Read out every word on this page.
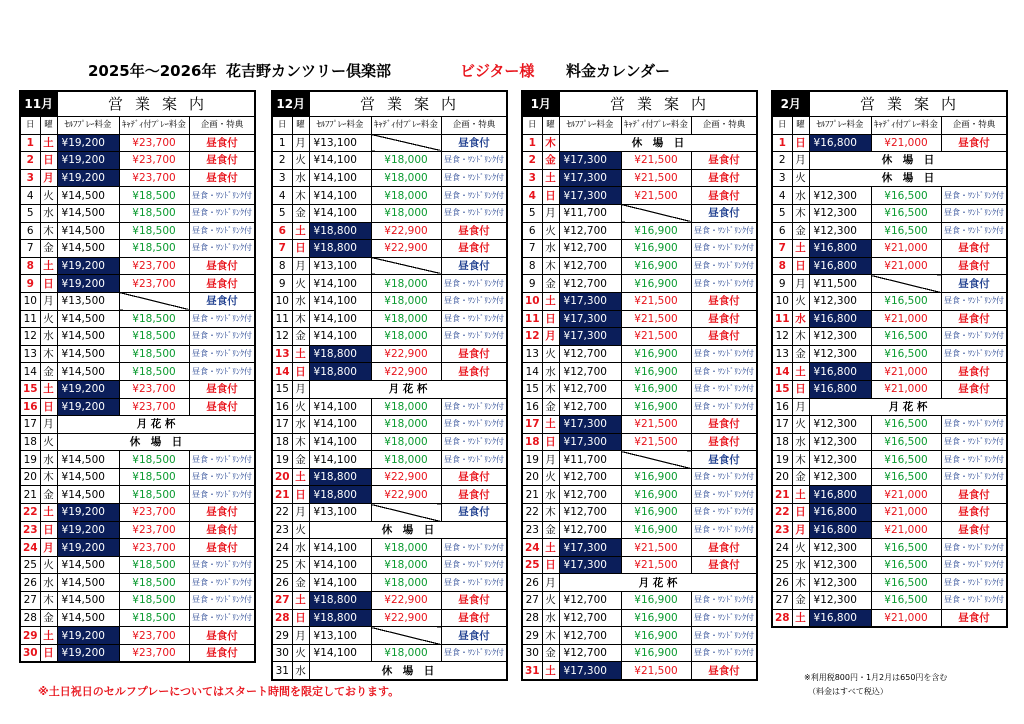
2025年～2026年 花吉野カンツリー倶楽部	ビジター様 料金カレンダー
11月		営業案内			
日	曜	ｾﾙﾌﾌﾟﾚｰ料金	ｷｬﾃﾞｨ付ﾌﾟﾚｰ料金	企画・特典	
1	土	¥19,200	¥23,700	昼食付	
2	日	¥19,200	¥23,700	昼食付	
3	月	¥19,200	¥23,700	昼食付	
4	火	¥14,500	¥18,500	昼食・ﾜﾝﾄﾞﾘﾝｸ付	
5	水	¥14,500	¥18,500	昼食・ﾜﾝﾄﾞﾘﾝｸ付	
6	木	¥14,500	¥18,500	昼食・ﾜﾝﾄﾞﾘﾝｸ付	
7	金	¥14,500	¥18,500	昼食・ﾜﾝﾄﾞﾘﾝｸ付	
8	土	¥19,200	¥23,700	昼食付	
9	日	¥19,200	¥23,700	昼食付	
10	月	¥13,500		昼食付	
11	火	¥14,500	¥18,500	昼食・ﾜﾝﾄﾞﾘﾝｸ付	
12	水	¥14,500	¥18,500	昼食・ﾜﾝﾄﾞﾘﾝｸ付	
13	木	¥14,500	¥18,500	昼食・ﾜﾝﾄﾞﾘﾝｸ付	
14	金	¥14,500	¥18,500	昼食・ﾜﾝﾄﾞﾘﾝｸ付	
15	土	¥19,200	¥23,700	昼食付	
16	日	¥19,200	¥23,700	昼食付	
17	月	月 花 杯	
18	火	休　場　日			
19	水	¥14,500	¥18,500	昼食・ﾜﾝﾄﾞﾘﾝｸ付	
20	木	¥14,500	¥18,500	昼食・ﾜﾝﾄﾞﾘﾝｸ付	
21	金	¥14,500	¥18,500	昼食・ﾜﾝﾄﾞﾘﾝｸ付	
22	土	¥19,200	¥23,700	昼食付	
23	日	¥19,200	¥23,700	昼食付	
24	月	¥19,200	¥23,700	昼食付	
25	火	¥14,500	¥18,500	昼食・ﾜﾝﾄﾞﾘﾝｸ付	
26	水	¥14,500	¥18,500	昼食・ﾜﾝﾄﾞﾘﾝｸ付	
27	木	¥14,500	¥18,500	昼食・ﾜﾝﾄﾞﾘﾝｸ付	
28	金	¥14,500	¥18,500	昼食・ﾜﾝﾄﾞﾘﾝｸ付	
29	土	¥19,200	¥23,700	昼食付	
30	日	¥19,200	¥23,700	昼食付	
12月		営業案内			
日	曜	ｾﾙﾌﾌﾟﾚｰ料金	ｷｬﾃﾞｨ付ﾌﾟﾚｰ料金	企画・特典	
1	月	¥13,100		昼食付	
2	火	¥14,100	¥18,000	昼食・ﾜﾝﾄﾞﾘﾝｸ付	
3	水	¥14,100	¥18,000	昼食・ﾜﾝﾄﾞﾘﾝｸ付	
4	木	¥14,100	¥18,000	昼食・ﾜﾝﾄﾞﾘﾝｸ付	
5	金	¥14,100	¥18,000	昼食・ﾜﾝﾄﾞﾘﾝｸ付	
6	土	¥18,800	¥22,900	昼食付	
7	日	¥18,800	¥22,900	昼食付	
8	月	¥13,100		昼食付	
9	火	¥14,100	¥18,000	昼食・ﾜﾝﾄﾞﾘﾝｸ付	
10	水	¥14,100	¥18,000	昼食・ﾜﾝﾄﾞﾘﾝｸ付	
11	木	¥14,100	¥18,000	昼食・ﾜﾝﾄﾞﾘﾝｸ付	
12	金	¥14,100	¥18,000	昼食・ﾜﾝﾄﾞﾘﾝｸ付	
13	土	¥18,800	¥22,900	昼食付	
14	日	¥18,800	¥22,900	昼食付	
15	月	月 花 杯	
16	火	¥14,100	¥18,000	昼食・ﾜﾝﾄﾞﾘﾝｸ付	
17	水	¥14,100	¥18,000	昼食・ﾜﾝﾄﾞﾘﾝｸ付	
18	木	¥14,100	¥18,000	昼食・ﾜﾝﾄﾞﾘﾝｸ付	
19	金	¥14,100	¥18,000	昼食・ﾜﾝﾄﾞﾘﾝｸ付	
20	土	¥18,800	¥22,900	昼食付	
21	日	¥18,800	¥22,900	昼食付	
22	月	¥13,100		昼食付	
23	火	休　場　日			
24	水	¥14,100	¥18,000	昼食・ﾜﾝﾄﾞﾘﾝｸ付	
25	木	¥14,100	¥18,000	昼食・ﾜﾝﾄﾞﾘﾝｸ付	
26	金	¥14,100	¥18,000	昼食・ﾜﾝﾄﾞﾘﾝｸ付	
27	土	¥18,800	¥22,900	昼食付	
28	日	¥18,800	¥22,900	昼食付	
29	月	¥13,100		昼食付	
30	火	¥14,100	¥18,000	昼食・ﾜﾝﾄﾞﾘﾝｸ付	
31	水	休　場　日			
1月		営業案内			
日	曜	ｾﾙﾌﾌﾟﾚｰ料金	ｷｬﾃﾞｨ付ﾌﾟﾚｰ料金	企画・特典	
1	木	休　場　日			
2	金	¥17,300	¥21,500	昼食付	
3	土	¥17,300	¥21,500	昼食付	
4	日	¥17,300	¥21,500	昼食付	
5	月	¥11,700		昼食付	
6	火	¥12,700	¥16,900	昼食・ﾜﾝﾄﾞﾘﾝｸ付	
7	水	¥12,700	¥16,900	昼食・ﾜﾝﾄﾞﾘﾝｸ付	
8	木	¥12,700	¥16,900	昼食・ﾜﾝﾄﾞﾘﾝｸ付	
9	金	¥12,700	¥16,900	昼食・ﾜﾝﾄﾞﾘﾝｸ付	
10	土	¥17,300	¥21,500	昼食付	
11	日	¥17,300	¥21,500	昼食付	
12	月	¥17,300	¥21,500	昼食付	
13	火	¥12,700	¥16,900	昼食・ﾜﾝﾄﾞﾘﾝｸ付	
14	水	¥12,700	¥16,900	昼食・ﾜﾝﾄﾞﾘﾝｸ付	
15	木	¥12,700	¥16,900	昼食・ﾜﾝﾄﾞﾘﾝｸ付	
16	金	¥12,700	¥16,900	昼食・ﾜﾝﾄﾞﾘﾝｸ付	
17	土	¥17,300	¥21,500	昼食付	
18	日	¥17,300	¥21,500	昼食付	
19	月	¥11,700		昼食付	
20	火	¥12,700	¥16,900	昼食・ﾜﾝﾄﾞﾘﾝｸ付	
21	水	¥12,700	¥16,900	昼食・ﾜﾝﾄﾞﾘﾝｸ付	
22	木	¥12,700	¥16,900	昼食・ﾜﾝﾄﾞﾘﾝｸ付	
23	金	¥12,700	¥16,900	昼食・ﾜﾝﾄﾞﾘﾝｸ付	
24	土	¥17,300	¥21,500	昼食付	
25	日	¥17,300	¥21,500	昼食付	
26	月	月 花 杯	
27	火	¥12,700	¥16,900	昼食・ﾜﾝﾄﾞﾘﾝｸ付	
28	水	¥12,700	¥16,900	昼食・ﾜﾝﾄﾞﾘﾝｸ付	
29	木	¥12,700	¥16,900	昼食・ﾜﾝﾄﾞﾘﾝｸ付	
30	金	¥12,700	¥16,900	昼食・ﾜﾝﾄﾞﾘﾝｸ付	
31	土	¥17,300	¥21,500	昼食付	
2月		営業案内			
日	曜	ｾﾙﾌﾌﾟﾚｰ料金	ｷｬﾃﾞｨ付ﾌﾟﾚｰ料金	企画・特典	
1	日	¥16,800	¥21,000	昼食付	
2	月	休　場　日			
3	火	休　場　日			
4	水	¥12,300	¥16,500	昼食・ﾜﾝﾄﾞﾘﾝｸ付	
5	木	¥12,300	¥16,500	昼食・ﾜﾝﾄﾞﾘﾝｸ付	
6	金	¥12,300	¥16,500	昼食・ﾜﾝﾄﾞﾘﾝｸ付	
7	土	¥16,800	¥21,000	昼食付	
8	日	¥16,800	¥21,000	昼食付	
9	月	¥11,500		昼食付	
10	火	¥12,300	¥16,500	昼食・ﾜﾝﾄﾞﾘﾝｸ付	
11	水	¥16,800	¥21,000	昼食付	
12	木	¥12,300	¥16,500	昼食・ﾜﾝﾄﾞﾘﾝｸ付	
13	金	¥12,300	¥16,500	昼食・ﾜﾝﾄﾞﾘﾝｸ付	
14	土	¥16,800	¥21,000	昼食付	
15	日	¥16,800	¥21,000	昼食付	
16	月	月 花 杯	
17	火	¥12,300	¥16,500	昼食・ﾜﾝﾄﾞﾘﾝｸ付	
18	水	¥12,300	¥16,500	昼食・ﾜﾝﾄﾞﾘﾝｸ付	
19	木	¥12,300	¥16,500	昼食・ﾜﾝﾄﾞﾘﾝｸ付	
20	金	¥12,300	¥16,500	昼食・ﾜﾝﾄﾞﾘﾝｸ付	
21	土	¥16,800	¥21,000	昼食付	
22	日	¥16,800	¥21,000	昼食付	
23	月	¥16,800	¥21,000	昼食付	
24	火	¥12,300	¥16,500	昼食・ﾜﾝﾄﾞﾘﾝｸ付	
25	水	¥12,300	¥16,500	昼食・ﾜﾝﾄﾞﾘﾝｸ付	
26	木	¥12,300	¥16,500	昼食・ﾜﾝﾄﾞﾘﾝｸ付	
27	金	¥12,300	¥16,500	昼食・ﾜﾝﾄﾞﾘﾝｸ付	
28	土	¥16,800	¥21,000	昼食付	
※土日祝日のセルフプレーについてはスタート時間を限定しております。
※利用税800円・1月2月は650円を含む
（料金はすべて税込）
